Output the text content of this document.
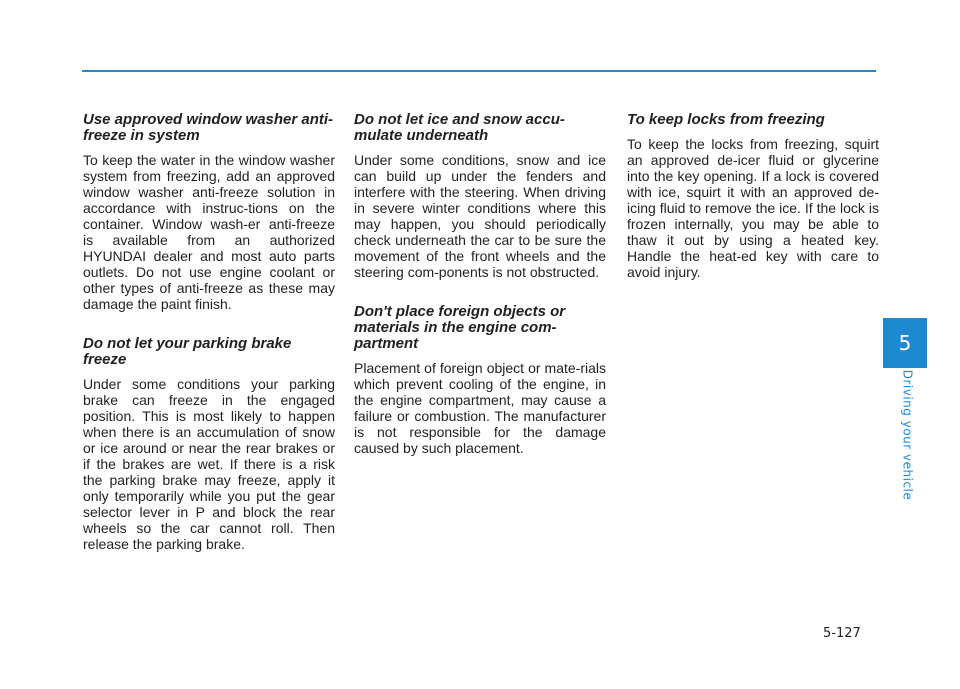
Use approved window washer anti-freeze in system

To keep the water in the window washer system from freezing, add an approved window washer anti-freeze solution in accordance with instruc-tions on the container. Window wash-er anti-freeze is available from an authorized HYUNDAI dealer and most auto parts outlets. Do not use engine coolant or other types of anti-freeze as these may damage the paint finish.

Do not let your parking brake freeze

Under some conditions your parking brake can freeze in the engaged position. This is most likely to happen when there is an accumulation of snow or ice around or near the rear brakes or if the brakes are wet. If there is a risk the parking brake may freeze, apply it only temporarily while you put the gear selector lever in P and block the rear wheels so the car cannot roll. Then release the parking brake.

Do not let ice and snow accu-mulate underneath

Under some conditions, snow and ice can build up under the fenders and interfere with the steering. When driving in severe winter conditions where this may happen, you should periodically check underneath the car to be sure the movement of the front wheels and the steering com-ponents is not obstructed.

Don't place foreign objects or materials in the engine com-partment

Placement of foreign object or mate-rials which prevent cooling of the engine, in the engine compartment, may cause a failure or combustion. The manufacturer is not responsible for the damage caused by such placement.

To keep locks from freezing

To keep the locks from freezing, squirt an approved de-icer fluid or glycerine into the key opening. If a lock is covered with ice, squirt it with an approved de-icing fluid to remove the ice. If the lock is frozen internally, you may be able to thaw it out by using a heated key. Handle the heat-ed key with care to avoid injury.

5
Driving your vehicle
5-127
